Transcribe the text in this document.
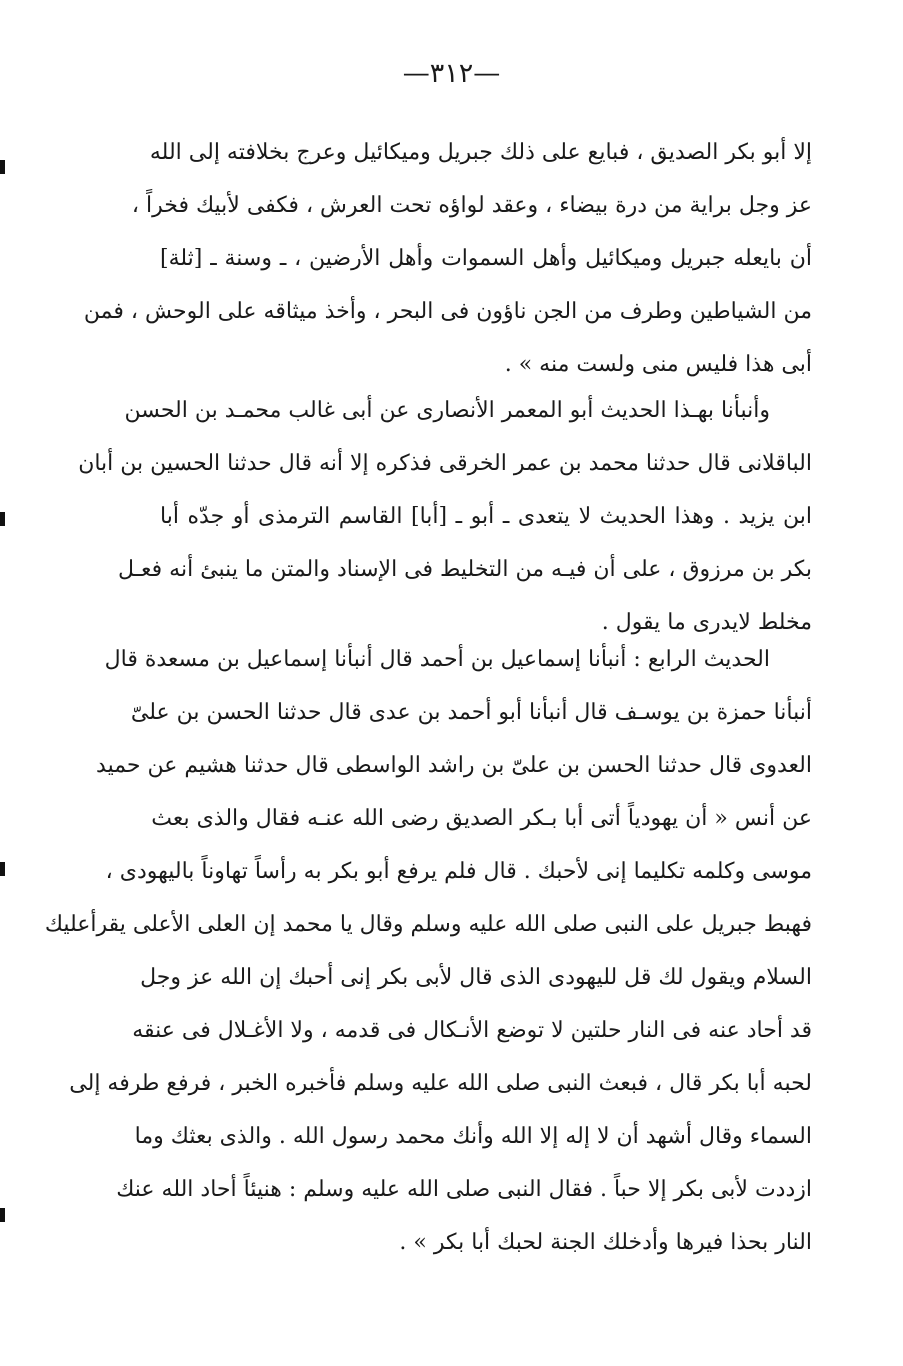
—٣١٢—
إلا أبو بكر الصديق ، فبايع على ذلك جبريل وميكائيل وعرج بخلافته إلى الله
عز وجل براية من درة بيضاء ، وعقد لواؤه تحت العرش ، فكفى لأبيك فخراً ،
أن بايعله جبريل وميكائيل وأهل السموات وأهل الأرضين ، ـ وسنة ـ [ثلة]
من الشياطين وطرف من الجن ناؤون فى البحر ، وأخذ ميثاقه على الوحش ، فمن
أبى هذا فليس منى ولست منه » .
وأنبأنا بهـذا الحديث أبو المعمر الأنصارى عن أبى غالب محمـد بن الحسن
الباقلانى قال حدثنا محمد بن عمر الخرقى فذكره إلا أنه قال حدثنا الحسين بن أبان
ابن يزيد . وهذا الحديث لا يتعدى ـ أبو ـ [أبا] القاسم الترمذى أو جدّه أبا
بكر بن مرزوق ، على أن فيـه من التخليط فى الإسناد والمتن ما ينبئ أنه فعـل
مخلط لايدرى ما يقول .
الحديث الرابع : أنبأنا إسماعيل بن أحمد قال أنبأنا إسماعيل بن مسعدة قال
أنبأنا حمزة بن يوسـف قال أنبأنا أبو أحمد بن عدى قال حدثنا الحسن بن علىّ
العدوى قال حدثنا الحسن بن علىّ بن راشد الواسطى قال حدثنا هشيم عن حميد
عن أنس « أن يهودياً أتى أبا بـكر الصديق رضى الله عنـه فقال والذى بعث
موسى وكلمه تكليما إنى لأحبك . قال فلم يرفع أبو بكر به رأساً تهاوناً باليهودى ،
فهبط جبريل على النبى صلى الله عليه وسلم وقال يا محمد إن العلى الأعلى يقرأعليك
السلام ويقول لك قل لليهودى الذى قال لأبى بكر إنى أحبك إن الله عز وجل
قد أحاد عنه فى النار حلتين لا توضع الأنـكال فى قدمه ، ولا الأغـلال فى عنقه
لحبه أبا بكر قال ، فبعث النبى صلى الله عليه وسلم فأخبره الخبر ، فرفع طرفه إلى
السماء وقال أشهد أن لا إله إلا الله وأنك محمد رسول الله . والذى بعثك وما
ازددت لأبى بكر إلا حباً . فقال النبى صلى الله عليه وسلم : هنيئاً أحاد الله عنك
النار بحذا فيرها وأدخلك الجنة لحبك أبا بكر » .
